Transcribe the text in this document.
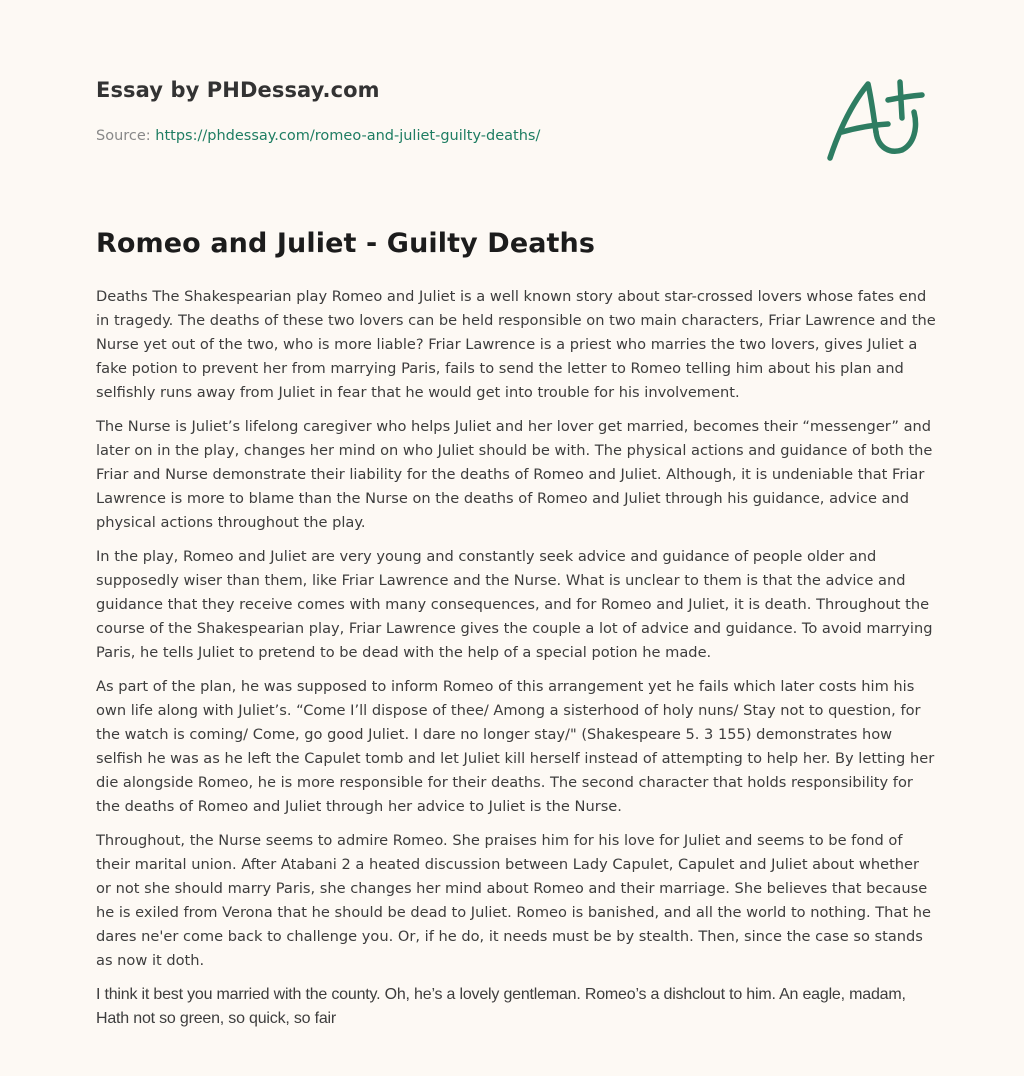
Essay by PHDessay.com
Source: https://phdessay.com/romeo-and-juliet-guilty-deaths/
Romeo and Juliet - Guilty Deaths

Deaths The Shakespearian play Romeo and Juliet is a well known story about star-crossed lovers whose fates end in tragedy. The deaths of these two lovers can be held responsible on two main characters, Friar Lawrence and the Nurse yet out of the two, who is more liable? Friar Lawrence is a priest who marries the two lovers, gives Juliet a fake potion to prevent her from marrying Paris, fails to send the letter to Romeo telling him about his plan and selfishly runs away from Juliet in fear that he would get into trouble for his involvement.

The Nurse is Juliet’s lifelong caregiver who helps Juliet and her lover get married, becomes their “messenger” and later on in the play, changes her mind on who Juliet should be with. The physical actions and guidance of both the Friar and Nurse demonstrate their liability for the deaths of Romeo and Juliet. Although, it is undeniable that Friar Lawrence is more to blame than the Nurse on the deaths of Romeo and Juliet through his guidance, advice and physical actions throughout the play.

In the play, Romeo and Juliet are very young and constantly seek advice and guidance of people older and supposedly wiser than them, like Friar Lawrence and the Nurse. What is unclear to them is that the advice and guidance that they receive comes with many consequences, and for Romeo and Juliet, it is death. Throughout the course of the Shakespearian play, Friar Lawrence gives the couple a lot of advice and guidance. To avoid marrying Paris, he tells Juliet to pretend to be dead with the help of a special potion he made.

As part of the plan, he was supposed to inform Romeo of this arrangement yet he fails which later costs him his own life along with Juliet’s. “Come I’ll dispose of thee/ Among a sisterhood of holy nuns/ Stay not to question, for the watch is coming/ Come, go good Juliet. I dare no longer stay/" (Shakespeare 5. 3 155) demonstrates how selfish he was as he left the Capulet tomb and let Juliet kill herself instead of attempting to help her. By letting her die alongside Romeo, he is more responsible for their deaths. The second character that holds responsibility for the deaths of Romeo and Juliet through her advice to Juliet is the Nurse.

Throughout, the Nurse seems to admire Romeo. She praises him for his love for Juliet and seems to be fond of their marital union. After Atabani 2 a heated discussion between Lady Capulet, Capulet and Juliet about whether or not she should marry Paris, she changes her mind about Romeo and their marriage. She believes that because he is exiled from Verona that he should be dead to Juliet. Romeo is banished, and all the world to nothing. That he dares ne'er come back to challenge you. Or, if he do, it needs must be by stealth. Then, since the case so stands as now it doth.

I think it best you married with the county. Oh, he’s a lovely gentleman. Romeo’s a dishclout to him. An eagle, madam, Hath not so green, so quick, so fair
